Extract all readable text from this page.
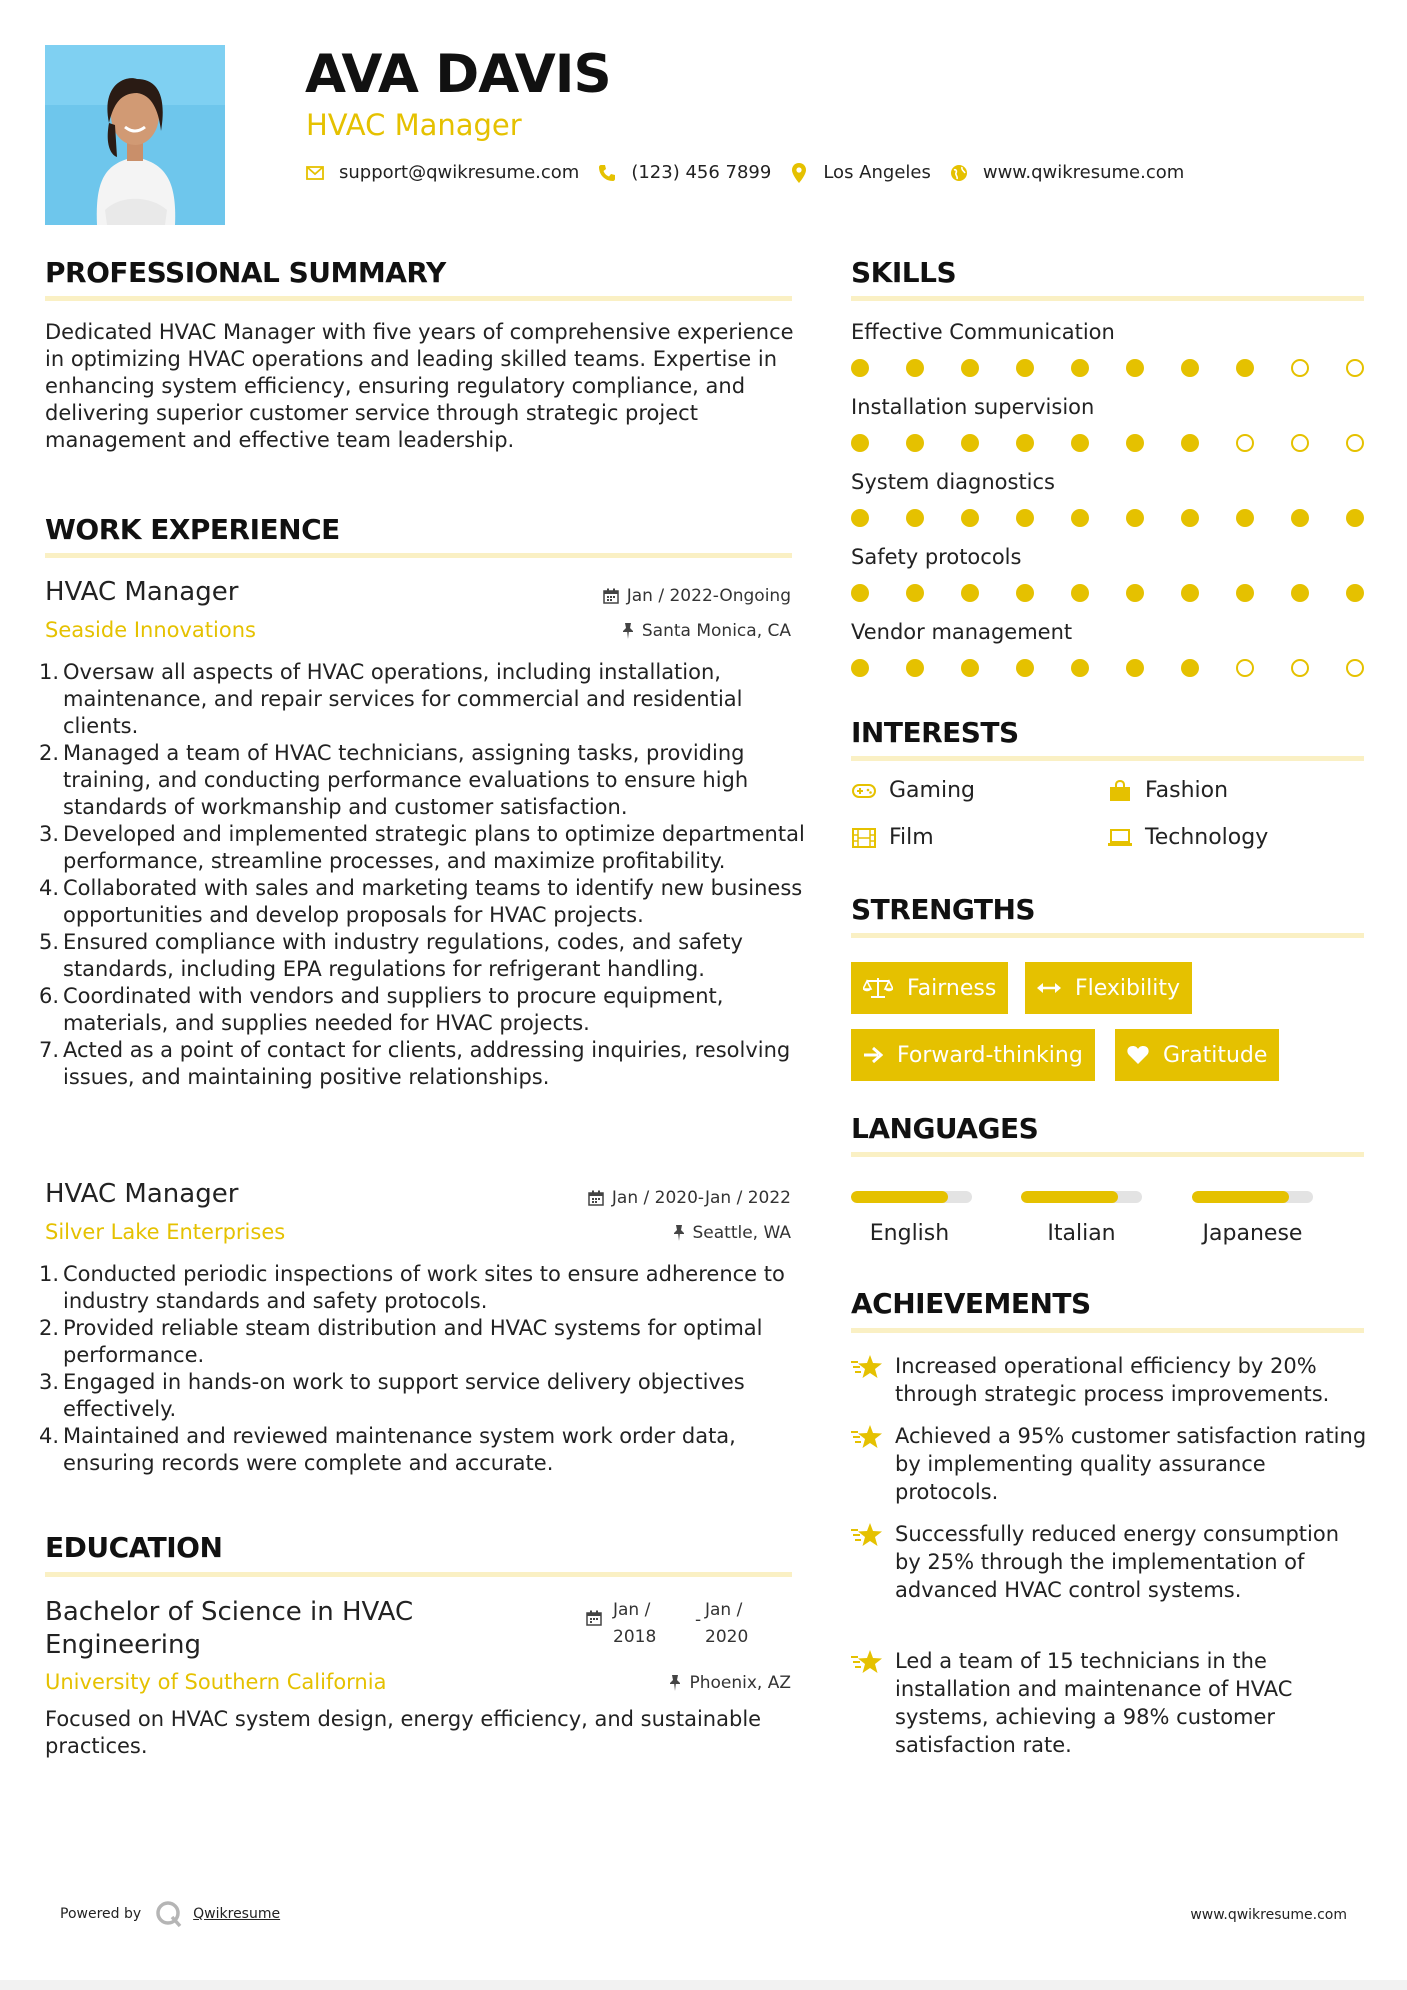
AVA DAVIS
HVAC Manager
support@qwikresume.com	(123) 456 7899	Los Angeles	www.qwikresume.com
PROFESSIONAL SUMMARY
Dedicated HVAC Manager with five years of comprehensive experience in optimizing HVAC operations and leading skilled teams. Expertise in enhancing system efficiency, ensuring regulatory compliance, and delivering superior customer service through strategic project management and effective team leadership.
WORK EXPERIENCE
HVAC Manager	Jan / 2022-Ongoing
Seaside Innovations	Santa Monica, CA
1. Oversaw all aspects of HVAC operations, including installation, maintenance, and repair services for commercial and residential clients.
2. Managed a team of HVAC technicians, assigning tasks, providing training, and conducting performance evaluations to ensure high standards of workmanship and customer satisfaction.
3. Developed and implemented strategic plans to optimize departmental performance, streamline processes, and maximize profitability.
4. Collaborated with sales and marketing teams to identify new business opportunities and develop proposals for HVAC projects.
5. Ensured compliance with industry regulations, codes, and safety standards, including EPA regulations for refrigerant handling.
6. Coordinated with vendors and suppliers to procure equipment, materials, and supplies needed for HVAC projects.
7. Acted as a point of contact for clients, addressing inquiries, resolving issues, and maintaining positive relationships.
HVAC Manager	Jan / 2020-Jan / 2022
Silver Lake Enterprises	Seattle, WA
1. Conducted periodic inspections of work sites to ensure adherence to industry standards and safety protocols.
2. Provided reliable steam distribution and HVAC systems for optimal performance.
3. Engaged in hands-on work to support service delivery objectives effectively.
4. Maintained and reviewed maintenance system work order data, ensuring records were complete and accurate.
EDUCATION
Bachelor of Science in HVAC
Engineering
Jan /
2018
- Jan /
2020
University of Southern California	Phoenix, AZ
Focused on HVAC system design, energy efficiency, and sustainable practices.
SKILLS
Effective Communication
Installation supervision
System diagnostics
Safety protocols
Vendor management
INTERESTS
Gaming	Fashion
Film	Technology
STRENGTHS
Fairness	Flexibility
Forward-thinking	Gratitude
LANGUAGES
English	Italian	Japanese
ACHIEVEMENTS
Increased operational efficiency by 20% through strategic process improvements.
Achieved a 95% customer satisfaction rating by implementing quality assurance protocols.
Successfully reduced energy consumption by 25% through the implementation of advanced HVAC control systems.
Led a team of 15 technicians in the installation and maintenance of HVAC systems, achieving a 98% customer satisfaction rate.
Powered by	Qwikresume	www.qwikresume.com
